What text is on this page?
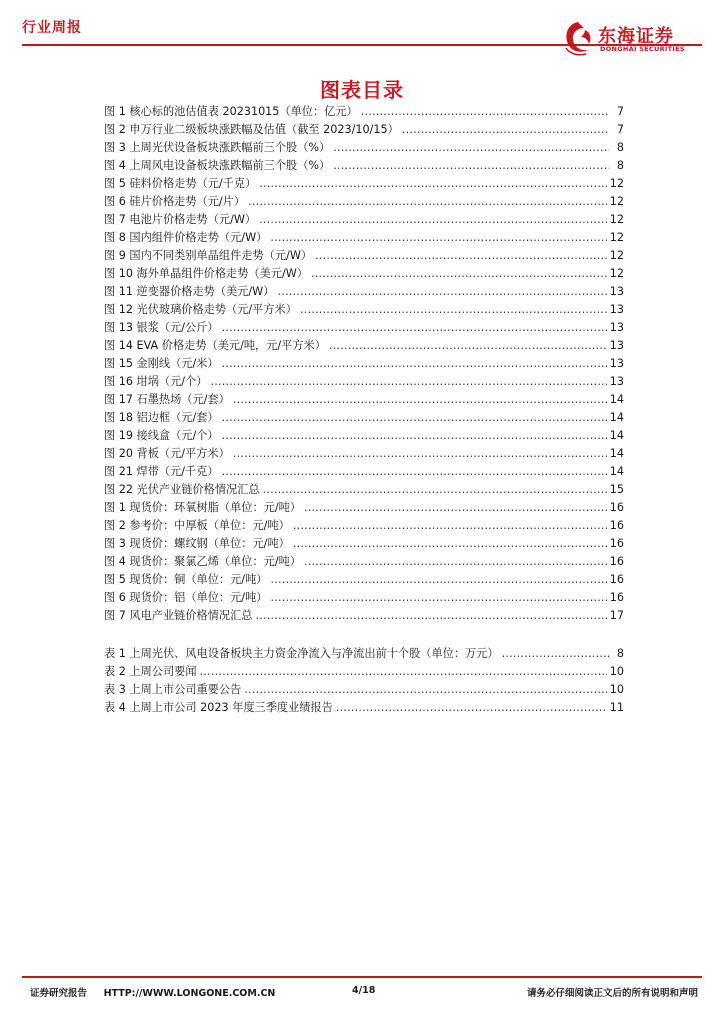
行业周报	东海证券
DONGHAI SECURITIES
图表目录
图 1 核心标的池估值表 20231015（单位：亿元） .....	7
图 2 申万行业二级板块涨跌幅及估值（截至 2023/10/15） .....	7
图 3 上周光伏设备板块涨跌幅前三个股（%） .....	8
图 4 上周风电设备板块涨跌幅前三个股（%） .....	8
图 5 硅料价格走势（元/千克） .....	12
图 6 硅片价格走势（元/片） .....	12
图 7 电池片价格走势（元/W） .....	12
图 8 国内组件价格走势（元/W） .....	12
图 9 国内不同类别单晶组件走势（元/W） .....	12
图 10 海外单晶组件价格走势（美元/W） .....	12
图 11 逆变器价格走势（美元/W） .....	13
图 12 光伏玻璃价格走势（元/平方米） .....	13
图 13 银浆（元/公斤） .....	13
图 14 EVA 价格走势（美元/吨，元/平方米） .....	13
图 15 金刚线（元/米） .....	13
图 16 坩埚（元/个） .....	13
图 17 石墨热场（元/套） .....	14
图 18 铝边框（元/套） .....	14
图 19 接线盒（元/个） .....	14
图 20 背板（元/平方米） .....	14
图 21 焊带（元/千克） .....	14
图 22 光伏产业链价格情况汇总 .....	15
图 1 现货价：环氧树脂（单位：元/吨） .....	16
图 2 参考价：中厚板（单位：元/吨） .....	16
图 3 现货价：螺纹钢（单位：元/吨） .....	16
图 4 现货价：聚氯乙烯（单位：元/吨） .....	16
图 5 现货价：铜（单位：元/吨） .....	16
图 6 现货价：铝（单位：元/吨） .....	16
图 7 风电产业链价格情况汇总 .....	17
表 1 上周光伏、风电设备板块主力资金净流入与净流出前十个股（单位：万元） .....	8
表 2 上周公司要闻 .....	10
表 3 上周上市公司重要公告 .....	10
表 4 上周上市公司 2023 年度三季度业绩报告 .....	11
证券研究报告 HTTP://WWW.LONGONE.COM.CN	4/18	请务必仔细阅读正文后的所有说明和声明
